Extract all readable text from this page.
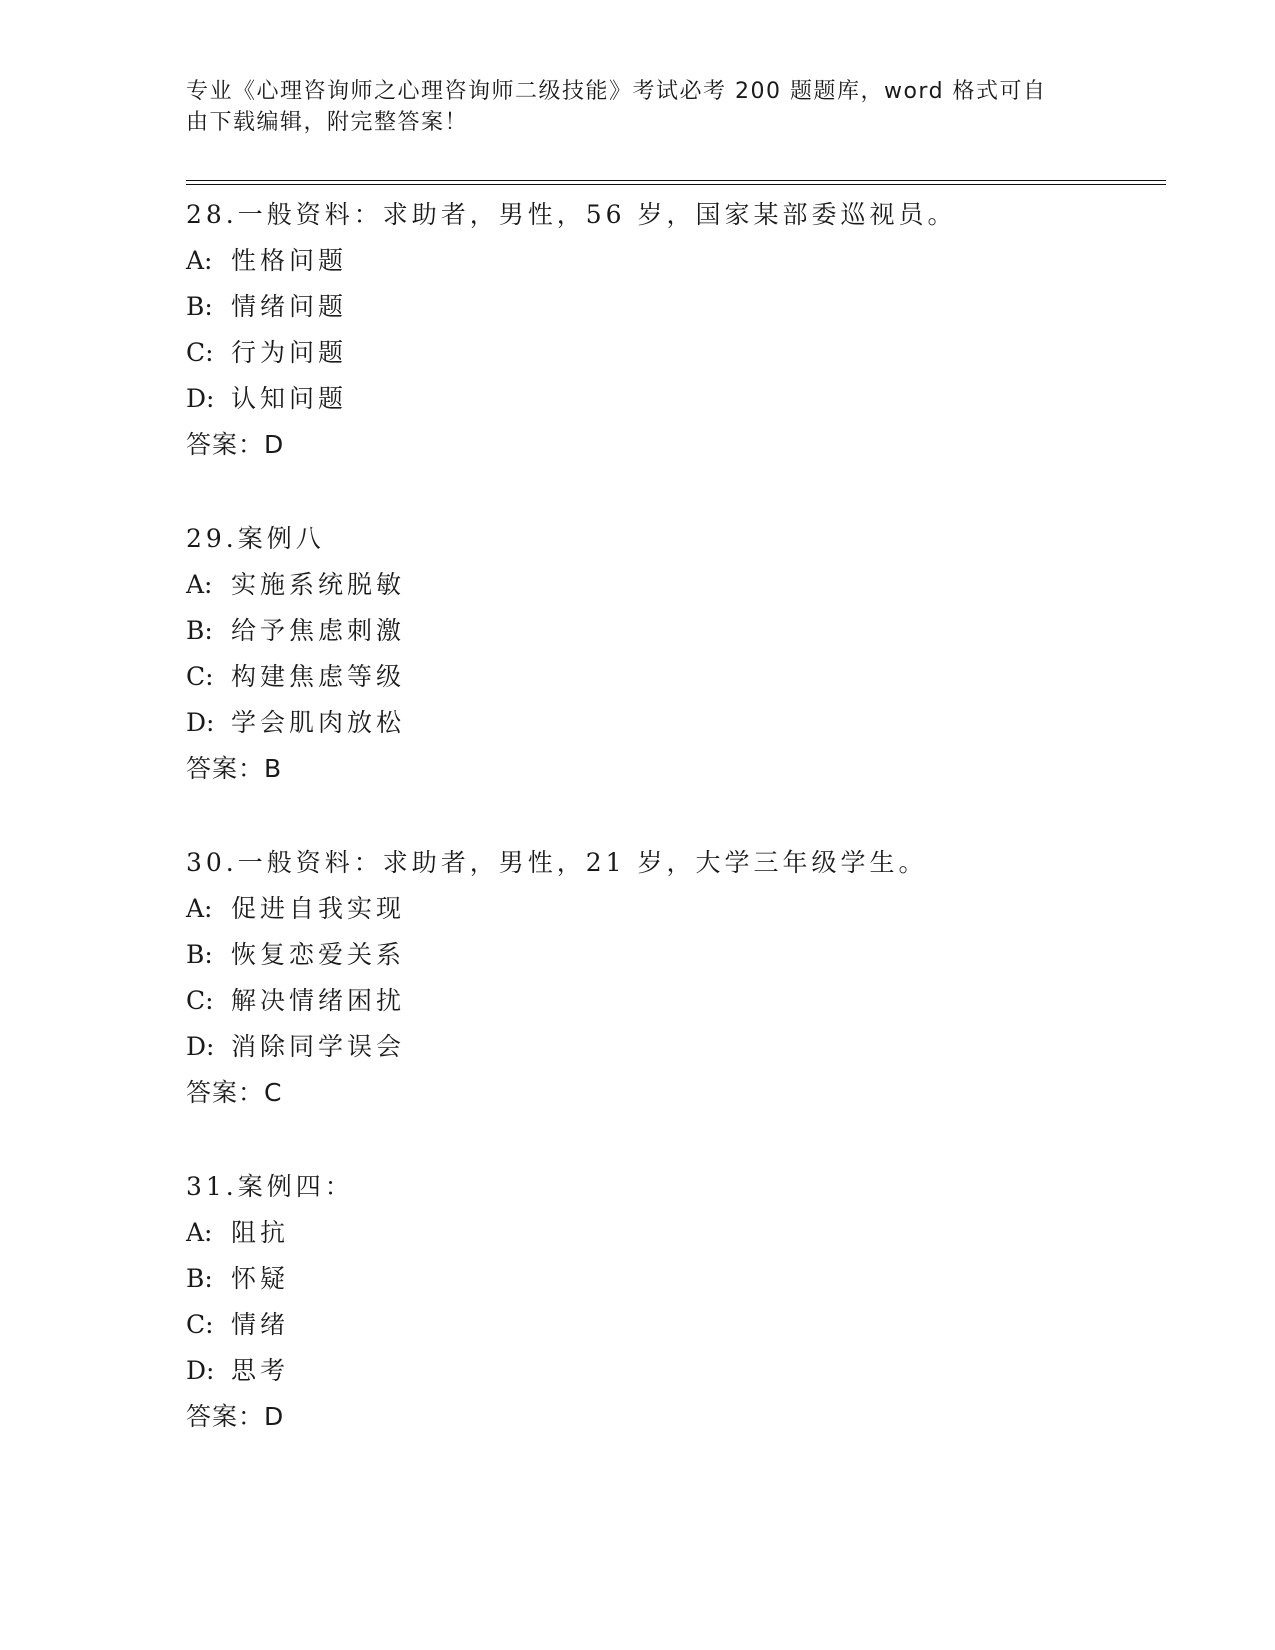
专业《心理咨询师之心理咨询师二级技能》考试必考 200 题题库，word 格式可自
由下载编辑，附完整答案！
28.一般资料：求助者，男性，56 岁，国家某部委巡视员。
A: 性格问题
B: 情绪问题
C: 行为问题
D: 认知问题
答案：D
29.案例八
A: 实施系统脱敏
B: 给予焦虑刺激
C: 构建焦虑等级
D: 学会肌肉放松
答案：B
30.一般资料：求助者，男性，21 岁，大学三年级学生。
A: 促进自我实现
B: 恢复恋爱关系
C: 解决情绪困扰
D: 消除同学误会
答案：C
31.案例四：
A: 阻抗
B: 怀疑
C: 情绪
D: 思考
答案：D
